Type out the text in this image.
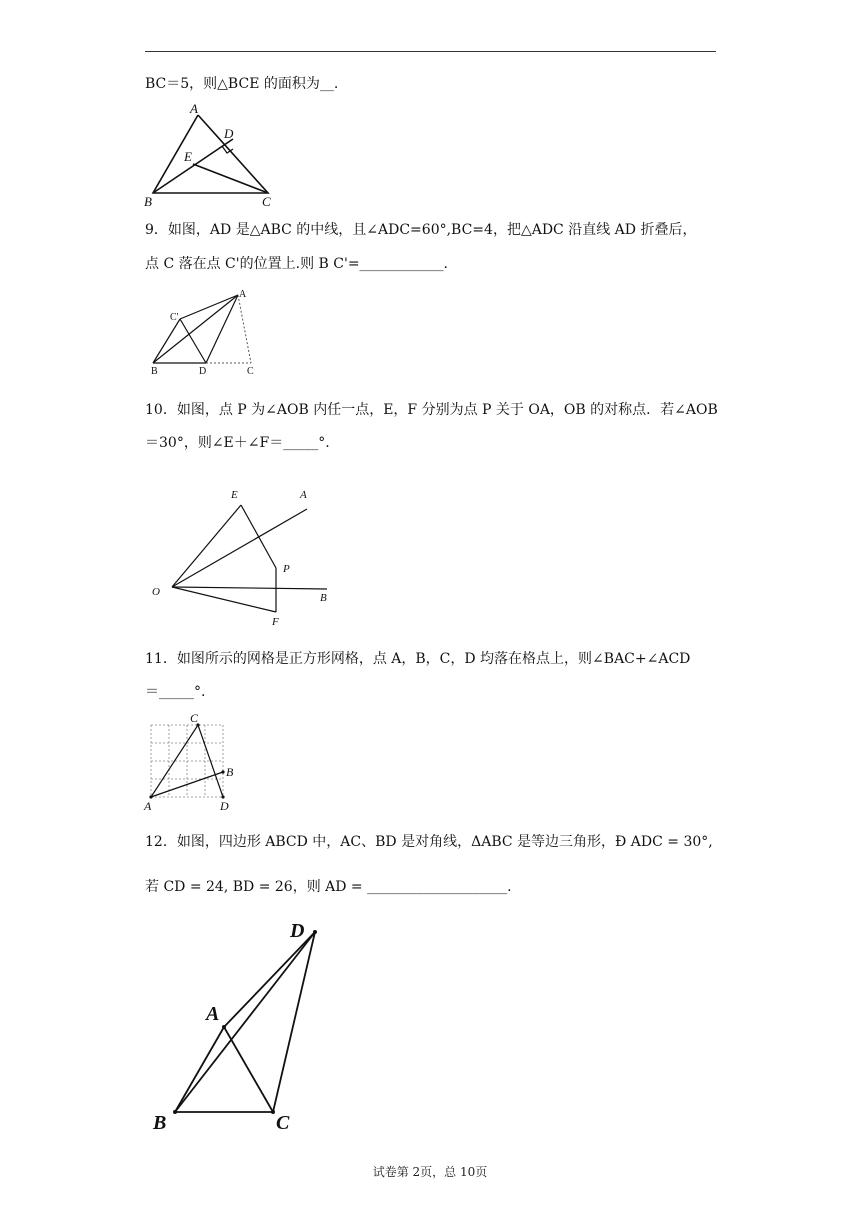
BC＝5，则△BCE 的面积为__.
A
D
E
B	C
9．如图，AD 是△ABC 的中线，且∠ADC=60°,BC=4，把△ADC 沿直线 AD 折叠后，
点 C 落在点 C'的位置上.则 B C'=____________.
A
C'
B	D	C
10．如图，点 P 为∠AOB 内任一点，E，F 分别为点 P 关于 OA，OB 的对称点．若∠AOB
＝30°，则∠E＋∠F＝_____°.
E	A
P
O	B
F
11．如图所示的网格是正方形网格，点 A，B，C，D 均落在格点上，则∠BAC+∠ACD
＝_____°.
C
B
A	D
12．如图，四边形 ABCD 中，AC、BD 是对角线，ΔABC 是等边三角形，Ð ADC = 30°,
若 CD = 24, BD = 26，则 AD = ____________________.
D
A
B	C
试卷第 2页，总 10页
